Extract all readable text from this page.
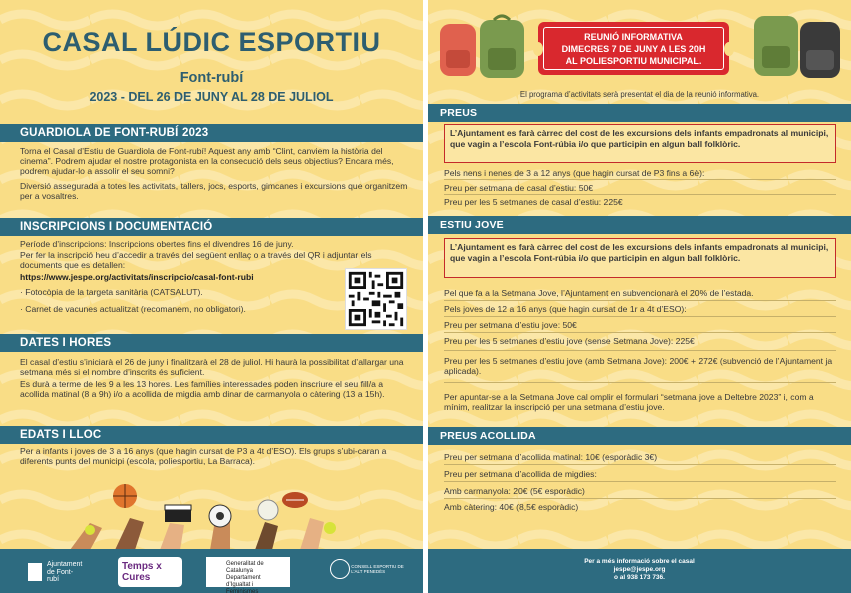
CASAL LÚDIC ESPORTIU
Font-rubí
2023 - DEL 26 DE JUNY AL 28 DE JULIOL
GUARDIOLA DE FONT-RUBÍ 2023

Torna el Casal d’Estiu de Guardiola de Font-rubí! Aquest any amb “Clint, canviem la història del cinema”. Podrem ajudar el nostre protagonista en la consecució dels seus objectius? Encara més, podrem ajudar-lo a assolir el seu somni?

Diversió assegurada a totes les activitats, tallers, jocs, esports, gimcanes i excursions que organitzem per a vosaltres.

INSCRIPCIONS I DOCUMENTACIÓ

Període d’inscripcions: Inscripcions obertes fins el divendres 16 de juny.

Per fer la inscripció heu d’accedir a través del següent enllaç o a través del QR i adjuntar els documents que es detallen:

https://www.jespe.org/activitats/inscripcio/casal-font-rubi

· Fotocòpia de la targeta sanitària (CATSALUT).

· Carnet de vacunes actualitzat (recomanem, no obligatori).

DATES I HORES

El casal d’estiu s’iniciarà el 26 de juny i finalitzarà el 28 de juliol. Hi haurà la possibilitat d’allargar una setmana més si el nombre d’inscrits és suficient.

Es durà a terme de les 9 a les 13 hores. Les famílies interessades poden inscriure el seu fill/a a acollida matinal (8 a 9h) i/o a acollida de migdia amb dinar de carmanyola o càtering (13 a 15h).

EDATS I LLOC

Per a infants i joves de 3 a 16 anys (que hagin cursat de P3 a 4t d’ESO). Els grups s’ubi-caran a diferents punts del municipi (escola, poliesportiu, La Barraca).

Ajuntament de Font-rubí
Temps x Cures
Generalitat de Catalunya Departament d’Igualtat i Feminismes
CONSELL ESPORTIU DE L’ALT PENEDÈS
REUNIÓ INFORMATIVA
DIMECRES 7 DE JUNY A LES 20H
AL POLIESPORTIU MUNICIPAL.
El programa d’activitats serà presentat el dia de la reunió informativa.
PREUS
L’Ajuntament es farà càrrec del cost de les excursions dels infants empadronats al municipi, que vagin a l’escola Font-rúbia i/o que participin en algun ball folklòric.

Pels nens i nenes de 3 a 12 anys (que hagin cursat de P3 fins a 6è):

Preu per setmana de casal d’estiu: 50€

Preu per les 5 setmanes de casal d’estiu: 225€

ESTIU JOVE
L’Ajuntament es farà càrrec del cost de les excursions dels infants empadronats al municipi, que vagin a l’escola Font-rúbia i/o que participin en algun ball folklòric.

Pel que fa a la Setmana Jove, l’Ajuntament en subvencionarà el 20% de l’estada.

Pels joves de 12 a 16 anys (que hagin cursat de 1r a 4t d’ESO):

Preu per setmana d’estiu jove: 50€

Preu per les 5 setmanes d’estiu jove (sense Setmana Jove): 225€

Preu per les 5 setmanes d’estiu jove (amb Setmana Jove): 200€ + 272€ (subvenció de l’Ajuntament ja aplicada).

Per apuntar-se a la Setmana Jove cal omplir el formulari “setmana jove a Deltebre 2023” i, com a mínim, realitzar la inscripció per una setmana d’estiu jove.

PREUS ACOLLIDA

Preu per setmana d’acollida matinal: 10€ (esporàdic 3€)

Preu per setmana d’acollida de migdies:

Amb carmanyola: 20€ (5€ esporàdic)

Amb càtering: 40€ (8,5€ esporàdic)

Per a més informació sobre el casal
jespe@jespe.org
o al 938 173 736.
